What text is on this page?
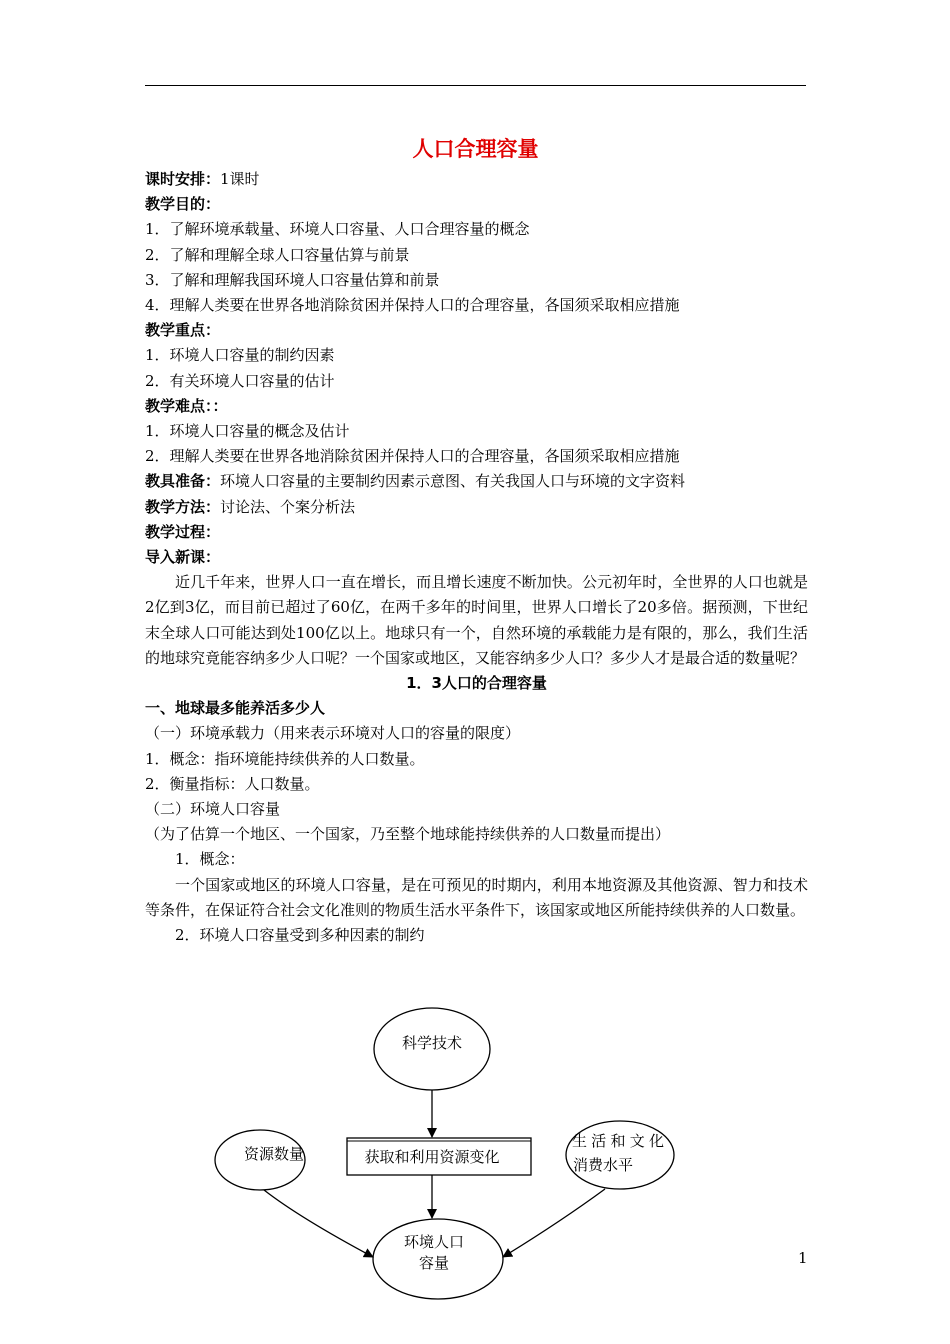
人口合理容量
课时安排：1课时
教学目的：
1．了解环境承载量、环境人口容量、人口合理容量的概念
2．了解和理解全球人口容量估算与前景
3．了解和理解我国环境人口容量估算和前景
4．理解人类要在世界各地消除贫困并保持人口的合理容量，各国须采取相应措施
教学重点：
1．环境人口容量的制约因素
2．有关环境人口容量的估计
教学难点：：
1．环境人口容量的概念及估计
2．理解人类要在世界各地消除贫困并保持人口的合理容量，各国须采取相应措施
教具准备：环境人口容量的主要制约因素示意图、有关我国人口与环境的文字资料
教学方法：讨论法、个案分析法
教学过程：
导入新课：
近几千年来，世界人口一直在增长，而且增长速度不断加快。公元初年时，全世界的人口也就是2亿到3亿，而目前已超过了60亿，在两千多年的时间里，世界人口增长了20多倍。据预测，下世纪末全球人口可能达到处100亿以上。地球只有一个，自然环境的承载能力是有限的，那么，我们生活的地球究竟能容纳多少人口呢？一个国家或地区，又能容纳多少人口？多少人才是最合适的数量呢？
1．3人口的合理容量
一、地球最多能养活多少人
（一）环境承载力（用来表示环境对人口的容量的限度）
1．概念：指环境能持续供养的人口数量。
2．衡量指标：人口数量。
（二）环境人口容量
（为了估算一个地区、一个国家，乃至整个地球能持续供养的人口数量而提出）
1．概念：
一个国家或地区的环境人口容量，是在可预见的时期内，利用本地资源及其他资源、智力和技术等条件，在保证符合社会文化准则的物质生活水平条件下，该国家或地区所能持续供养的人口数量。
2．环境人口容量受到多种因素的制约
科学技术
资源数量	获取和利用资源变化
生活和文化
消费水平
环境人口
容量	1
